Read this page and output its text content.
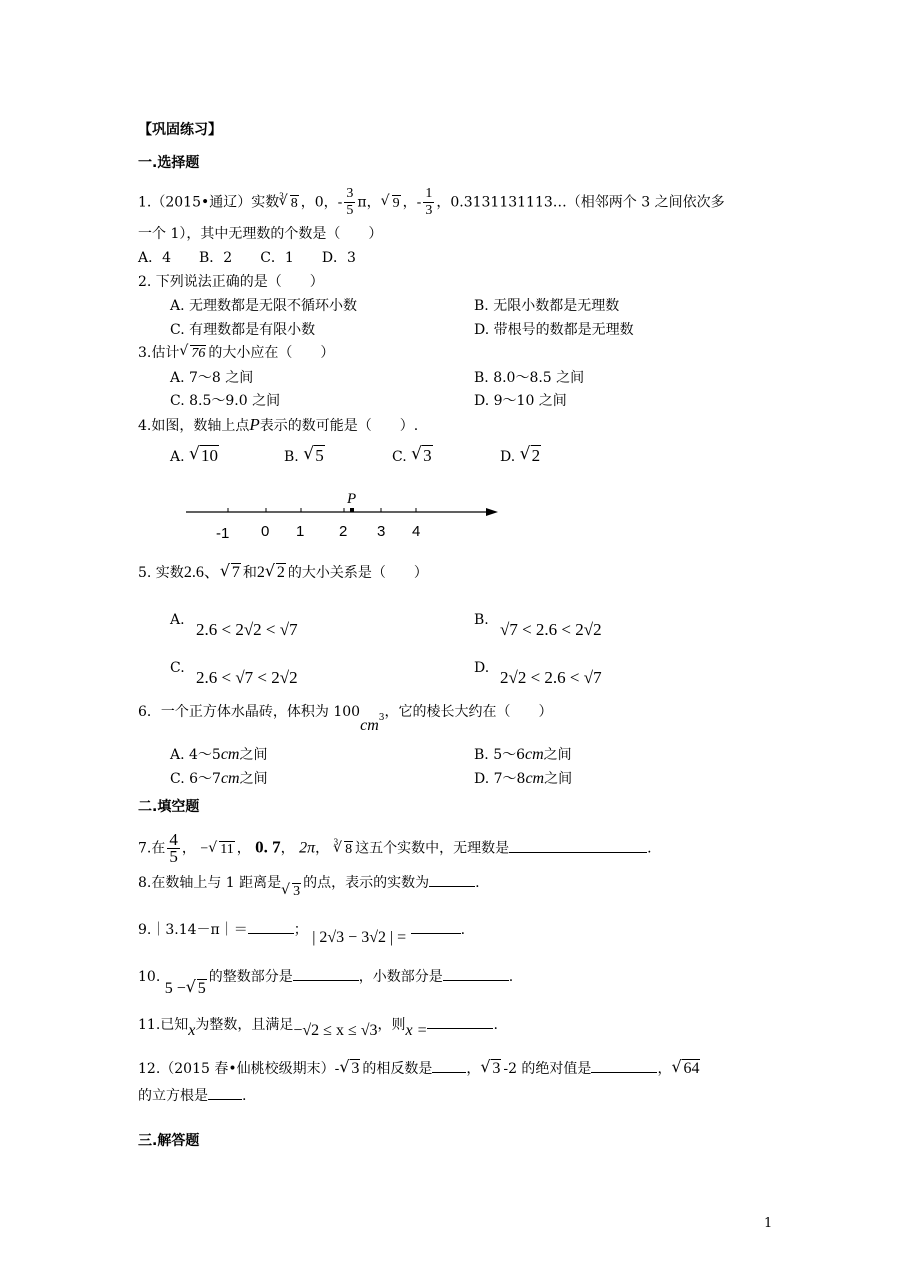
【巩固练习】
一.选择题
1.（2015•通辽）实数$^3$ √ 8 ，0，- $\frac{3}{5}$ π， √ 9 ，- $\frac{1}{3}$ ，0.3131131113…（相邻两个 3 之间依次多
一个 1），其中无理数的个数是（　　）
A．4　　B．2　　C．1　　D．3
2. 下列说法正确的是（　　）
A. 无理数都是无限不循环小数	B. 无限小数都是无理数
C. 有理数都是有限小数	D. 带根号的数都是无理数
3.估计 √ 76 的大小应在（　　）
A. 7～8 之间	B. 8.0～8.5 之间
C. 8.5～9.0 之间	D. 9～10 之间
4.如图，数轴上点P表示的数可能是（　　）.
A. √ 10	B. √ 5	C. √ 3	D. √ 2
P
-1 0 1 2 3 4
5. 实数2.6、 √ 7 和2 √ 2 的大小关系是（　　）
A. 2.6 < 2√2 < √7	B. √7 < 2.6 < 2√2
C. 2.6 < √7 < 2√2	D. 2√2 < 2.6 < √7
6．一个正方体水晶砖，体积为 $100cm_3$，它的棱长大约在（　　）
A. 4～5cm之间	B. 5～6cm之间
C. 6～7cm之间	D. 7～8cm之间
二.填空题
7.在 $\frac{4}{5}$ ， − √ 11 ， 0. 7， 2π， $^3$ √ 8 这五个实数中，无理数是	.
8.在数轴上与 1 距离是√ 3的点，表示的实数为	.
9.｜3.14－π｜＝	； | 2√3 − 3√2 | =	.
10. 5 − √ 5的整数部分是	，小数部分是	.
11.已知x为整数，且满足−√2 ≤ x ≤ √3，则x =	.
12.（2015 春•仙桃校级期末）- √ 3 的相反数是 ， √ 3 -2 的绝对值是	， √ 64
的立方根是 .
三.解答题
1
